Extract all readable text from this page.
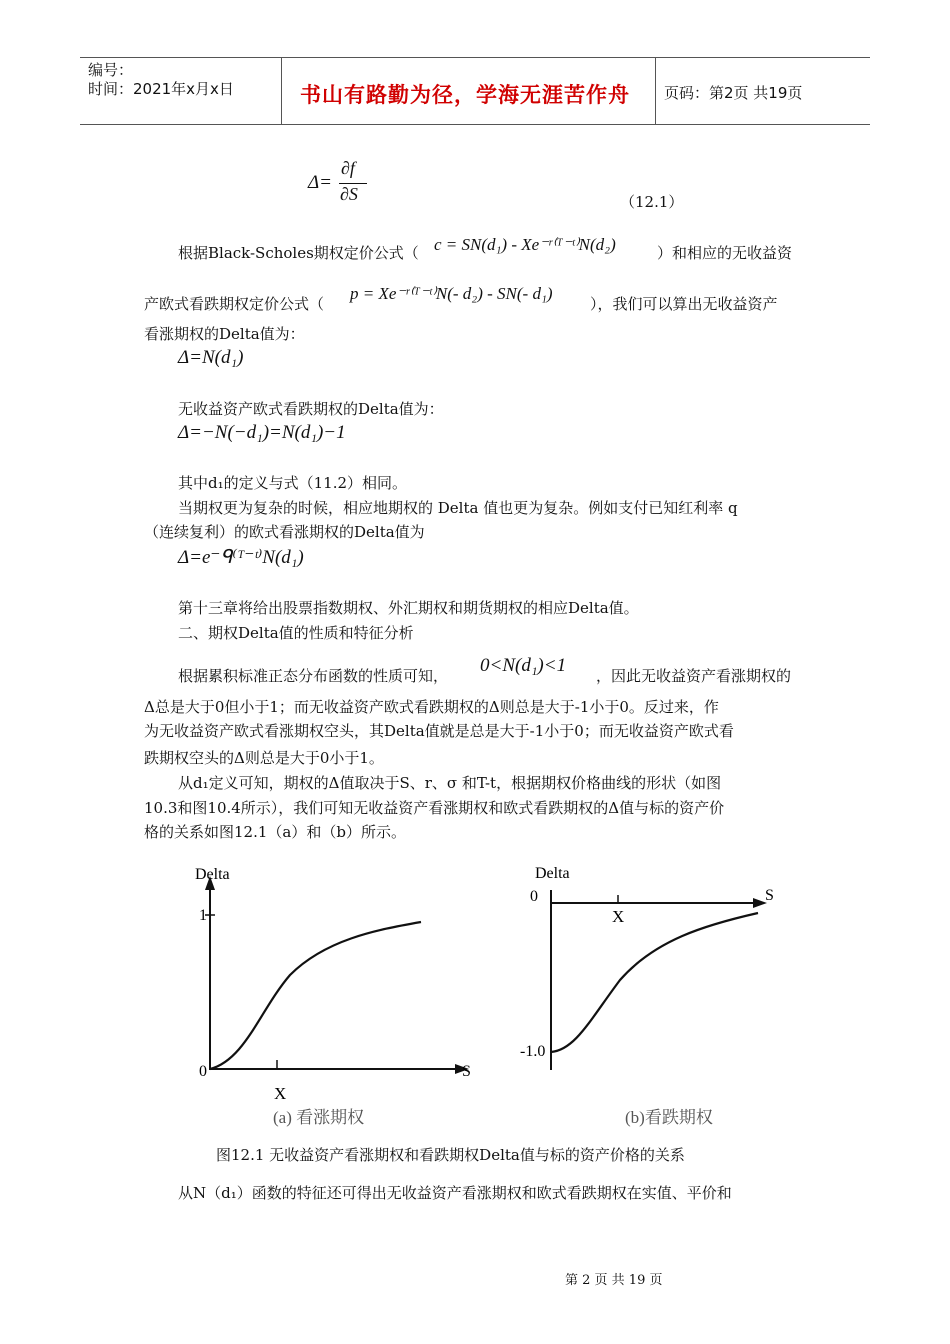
编号：
时间：2021年x月x日	书山有路勤为径，学海无涯苦作舟 页码：第2页 共19页
Δ=
∂f
∂S	（12.1）
根据Black-Scholes期权定价公式（ c = SN(d₁) - Xe⁻ʳ⁽ᵀ⁻ᵗ⁾N(d₂)	）和相应的无收益资
产欧式看跌期权定价公式（
p = Xe⁻ʳ⁽ᵀ⁻ᵗ⁾N(- d₂) - SN(- d₁)
），我们可以算出无收益资产
看涨期权的Delta值为：
Δ=N(d₁)
无收益资产欧式看跌期权的Delta值为：
Δ=−N(−d₁)=N(d₁)−1
其中d₁的定义与式（11.2）相同。
当期权更为复杂的时候，相应地期权的 Delta 值也更为复杂。例如支付已知红利率 q
（连续复利）的欧式看涨期权的Delta值为
Δ=e⁻ᑫ⁽ᵀ⁻ᵗ⁾N(d₁)
第十三章将给出股票指数期权、外汇期权和期货期权的相应Delta值。
二、期权Delta值的性质和特征分析
根据累积标准正态分布函数的性质可知， 0<N(d₁)<1 ，因此无收益资产看涨期权的
Δ总是大于0但小于1；而无收益资产欧式看跌期权的Δ则总是大于-1小于0。反过来，作
为无收益资产欧式看涨期权空头，其Delta值就是总是大于-1小于0；而无收益资产欧式看
跌期权空头的Δ则总是大于0小于1。
从d₁定义可知，期权的Δ值取决于S、r、σ 和T-t，根据期权价格曲线的形状（如图
10.3和图10.4所示），我们可知无收益资产看涨期权和欧式看跌期权的Δ值与标的资产价
格的关系如图12.1（a）和（b）所示。
Delta
1
0	S
X
(a) 看涨期权
Delta
0
-1.0
S
X
(b)看跌期权
图12.1 无收益资产看涨期权和看跌期权Delta值与标的资产价格的关系
从N（d₁）函数的特征还可得出无收益资产看涨期权和欧式看跌期权在实值、平价和
第 2 页 共 19 页
